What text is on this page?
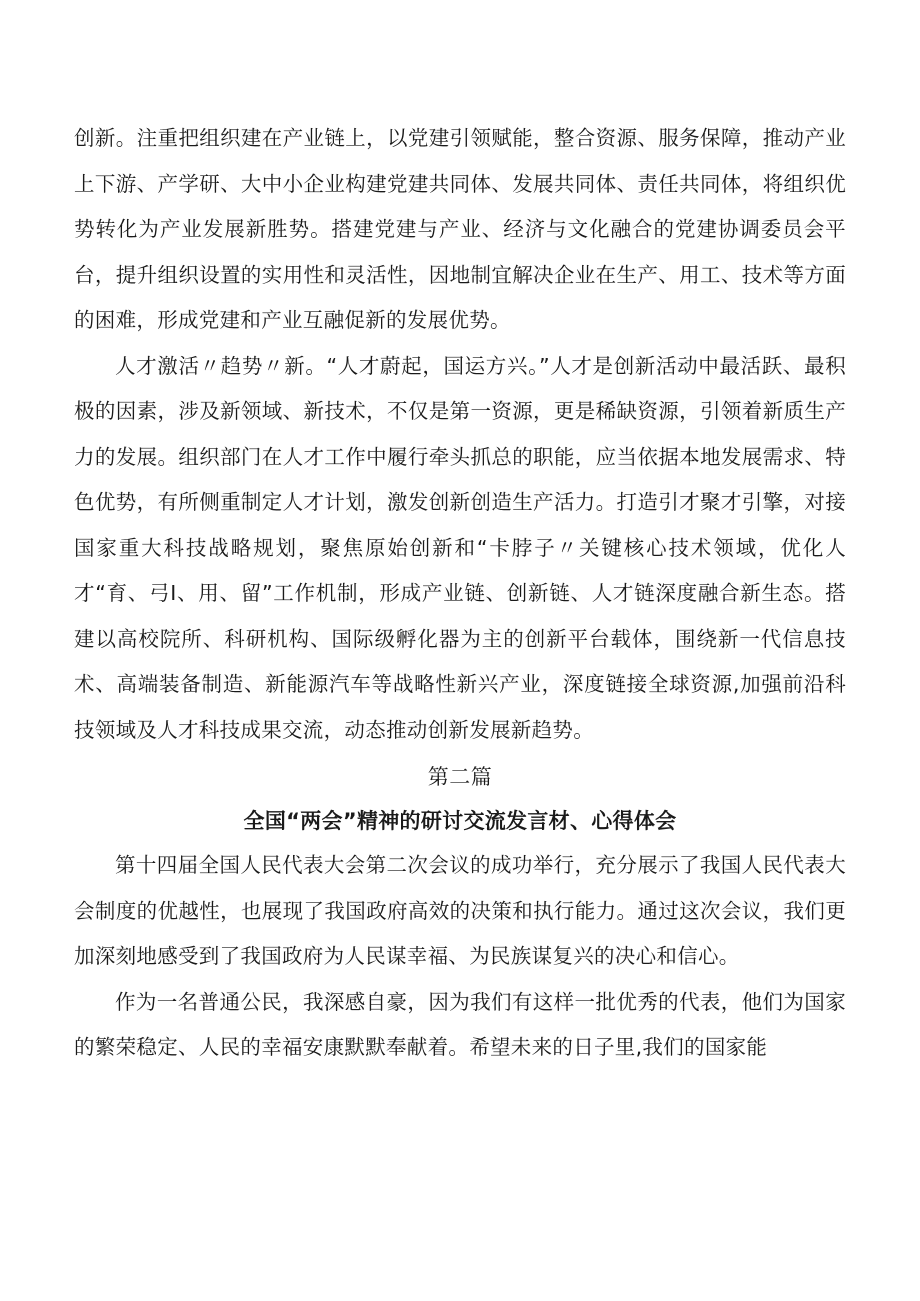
创新。注重把组织建在产业链上，以党建引领赋能，整合资源、服务保障，推动产业上下游、产学研、大中小企业构建党建共同体、发展共同体、责任共同体，将组织优势转化为产业发展新胜势。搭建党建与产业、经济与文化融合的党建协调委员会平台，提升组织设置的实用性和灵活性，因地制宜解决企业在生产、用工、技术等方面的困难，形成党建和产业互融促新的发展优势。

人才激活〃趋势〃新。“人才蔚起，国运方兴。”人才是创新活动中最活跃、最积极的因素，涉及新领域、新技术，不仅是第一资源，更是稀缺资源，引领着新质生产力的发展。组织部门在人才工作中履行牵头抓总的职能，应当依据本地发展需求、特色优势，有所侧重制定人才计划，激发创新创造生产活力。打造引才聚才引擎，对接国家重大科技战略规划，聚焦原始创新和“卡脖子〃关键核心技术领域，优化人才“育、弓I、用、留”工作机制，形成产业链、创新链、人才链深度融合新生态。搭建以高校院所、科研机构、国际级孵化器为主的创新平台载体，围绕新一代信息技术、高端装备制造、新能源汽车等战略性新兴产业，深度链接全球资源,加强前沿科技领域及人才科技成果交流，动态推动创新发展新趋势。

第二篇

全国“两会”精神的研讨交流发言材、心得体会

第十四届全国人民代表大会第二次会议的成功举行，充分展示了我国人民代表大会制度的优越性，也展现了我国政府高效的决策和执行能力。通过这次会议，我们更加深刻地感受到了我国政府为人民谋幸福、为民族谋复兴的决心和信心。

作为一名普通公民，我深感自豪，因为我们有这样一批优秀的代表，他们为国家的繁荣稳定、人民的幸福安康默默奉献着。希望未来的日子里,我们的国家能
